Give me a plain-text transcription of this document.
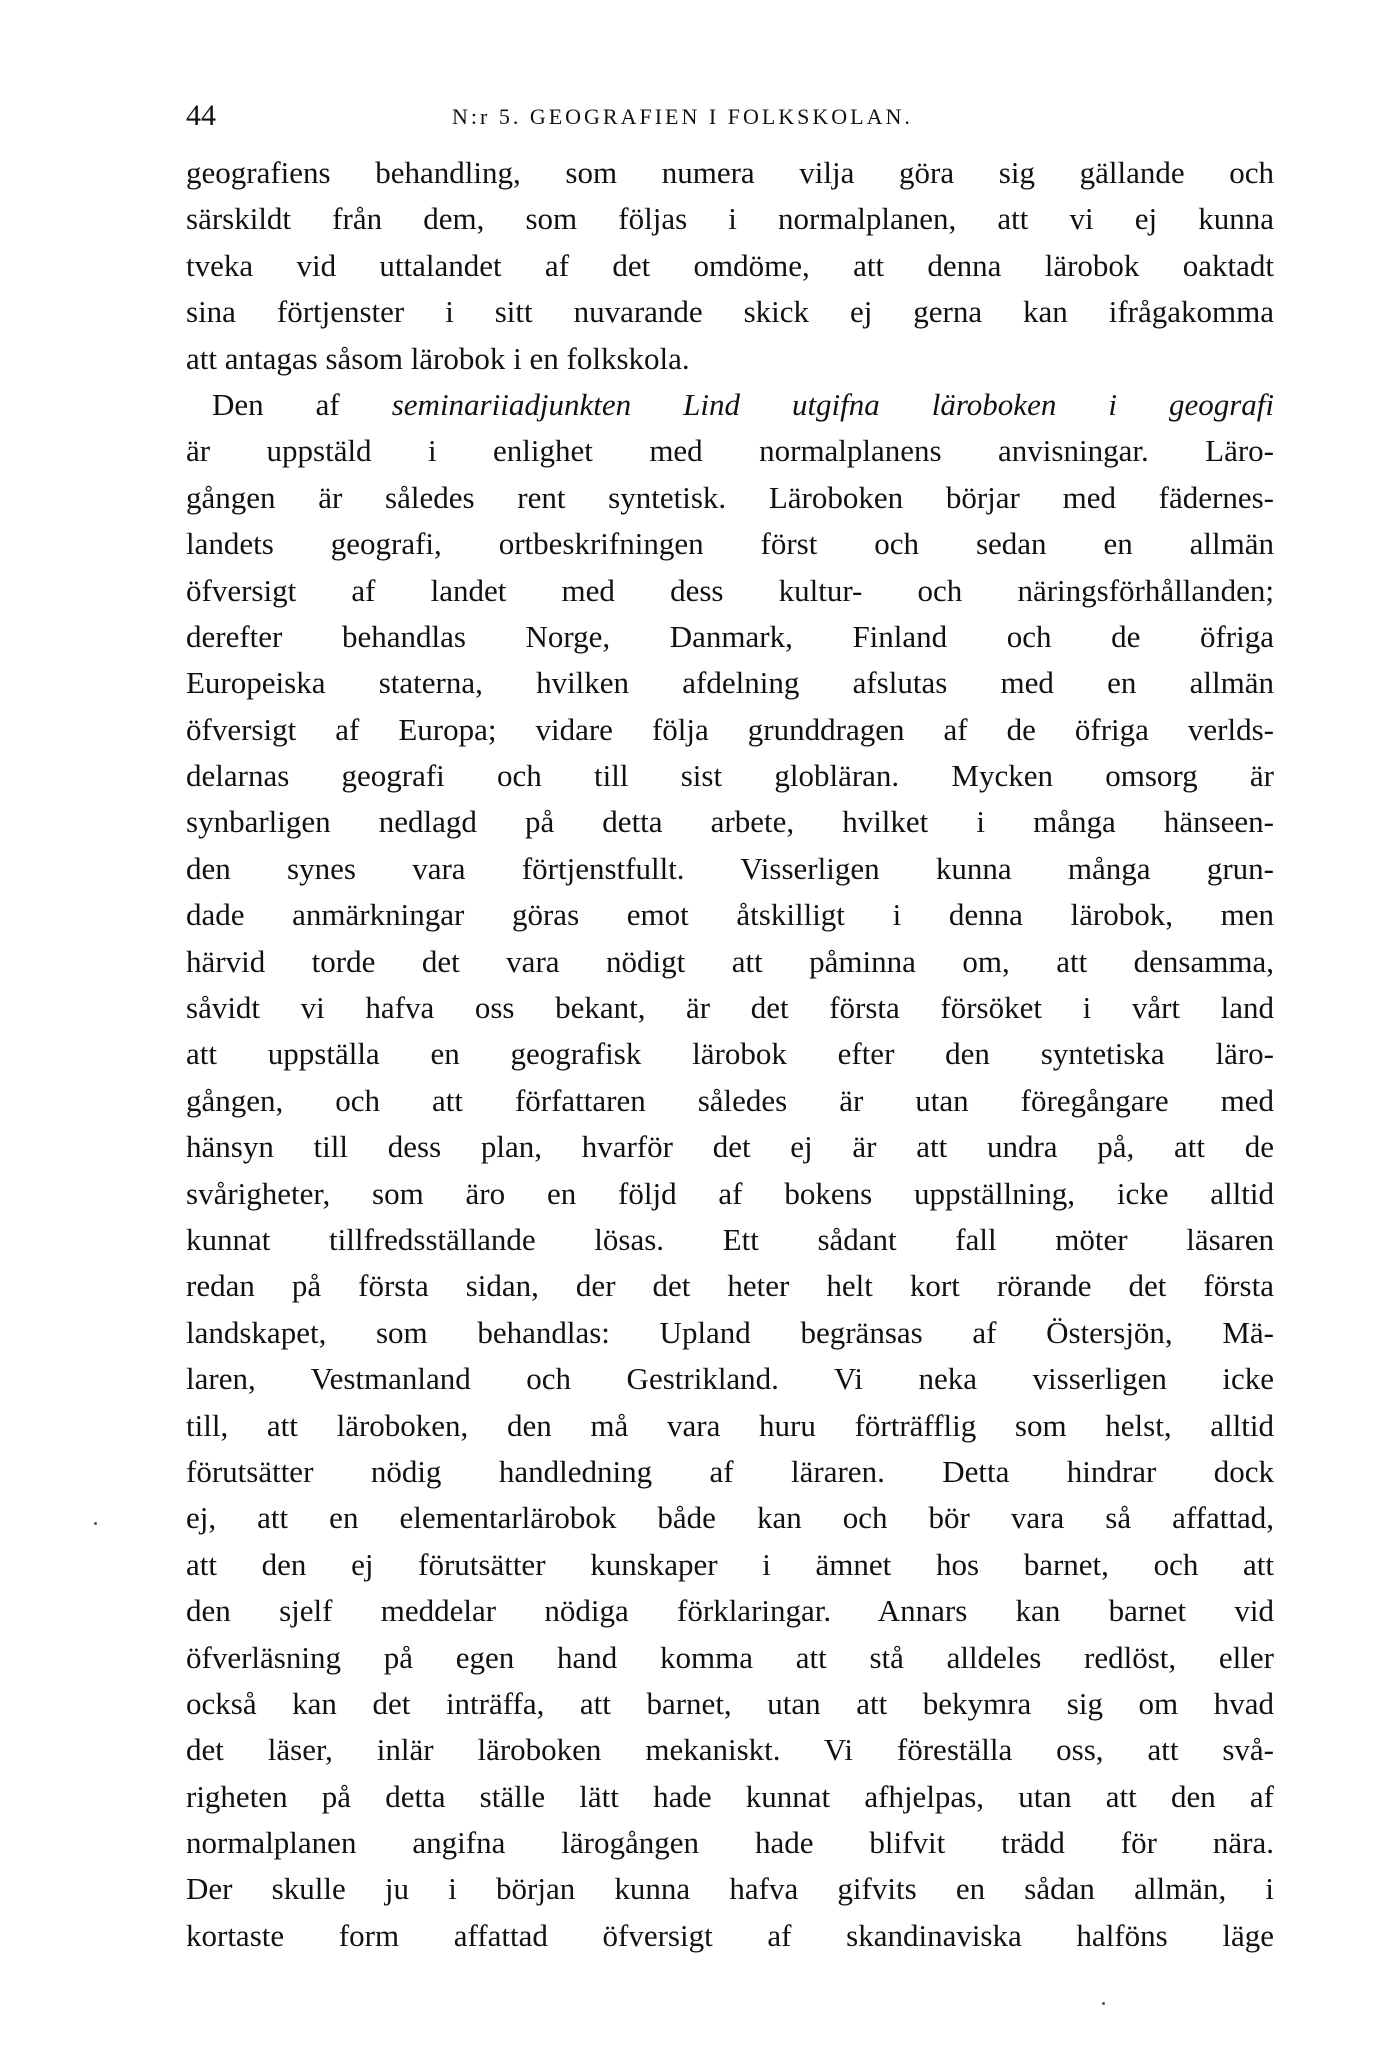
44	N:r 5. GEOGRAFIEN I FOLKSKOLAN.
geografiens behandling, som numera vilja göra sig gällande och
särskildt från dem, som följas i normalplanen, att vi ej kunna
tveka vid uttalandet af det omdöme, att denna lärobok oaktadt
sina förtjenster i sitt nuvarande skick ej gerna kan ifrågakomma
att antagas såsom lärobok i en folkskola.
Den af seminariiadjunkten Lind utgifna läroboken i geografi
är uppstäld i enlighet med normalplanens anvisningar. Läro-
gången är således rent syntetisk. Läroboken börjar med fädernes-
landets geografi, ortbeskrifningen först och sedan en allmän
öfversigt af landet med dess kultur- och näringsförhållanden;
derefter behandlas Norge, Danmark, Finland och de öfriga
Europeiska staterna, hvilken afdelning afslutas med en allmän
öfversigt af Europa; vidare följa grunddragen af de öfriga verlds-
delarnas geografi och till sist globläran. Mycken omsorg är
synbarligen nedlagd på detta arbete, hvilket i många hänseen-
den synes vara förtjenstfullt. Visserligen kunna många grun-
dade anmärkningar göras emot åtskilligt i denna lärobok, men
härvid torde det vara nödigt att påminna om, att densamma,
såvidt vi hafva oss bekant, är det första försöket i vårt land
att uppställa en geografisk lärobok efter den syntetiska läro-
gången, och att författaren således är utan föregångare med
hänsyn till dess plan, hvarför det ej är att undra på, att de
svårigheter, som äro en följd af bokens uppställning, icke alltid
kunnat tillfredsställande lösas. Ett sådant fall möter läsaren
redan på första sidan, der det heter helt kort rörande det första
landskapet, som behandlas: Upland begränsas af Östersjön, Mä-
laren, Vestmanland och Gestrikland. Vi neka visserligen icke
till, att läroboken, den må vara huru förträfflig som helst, alltid
förutsätter nödig handledning af läraren. Detta hindrar dock
ej, att en elementarlärobok både kan och bör vara så affattad,
att den ej förutsätter kunskaper i ämnet hos barnet, och att
den sjelf meddelar nödiga förklaringar. Annars kan barnet vid
öfverläsning på egen hand komma att stå alldeles redlöst, eller
också kan det inträffa, att barnet, utan att bekymra sig om hvad
det läser, inlär läroboken mekaniskt. Vi föreställa oss, att svå-
righeten på detta ställe lätt hade kunnat afhjelpas, utan att den af
normalplanen angifna lärogången hade blifvit trädd för nära.
Der skulle ju i början kunna hafva gifvits en sådan allmän, i
kortaste form affattad öfversigt af skandinaviska halföns läge
